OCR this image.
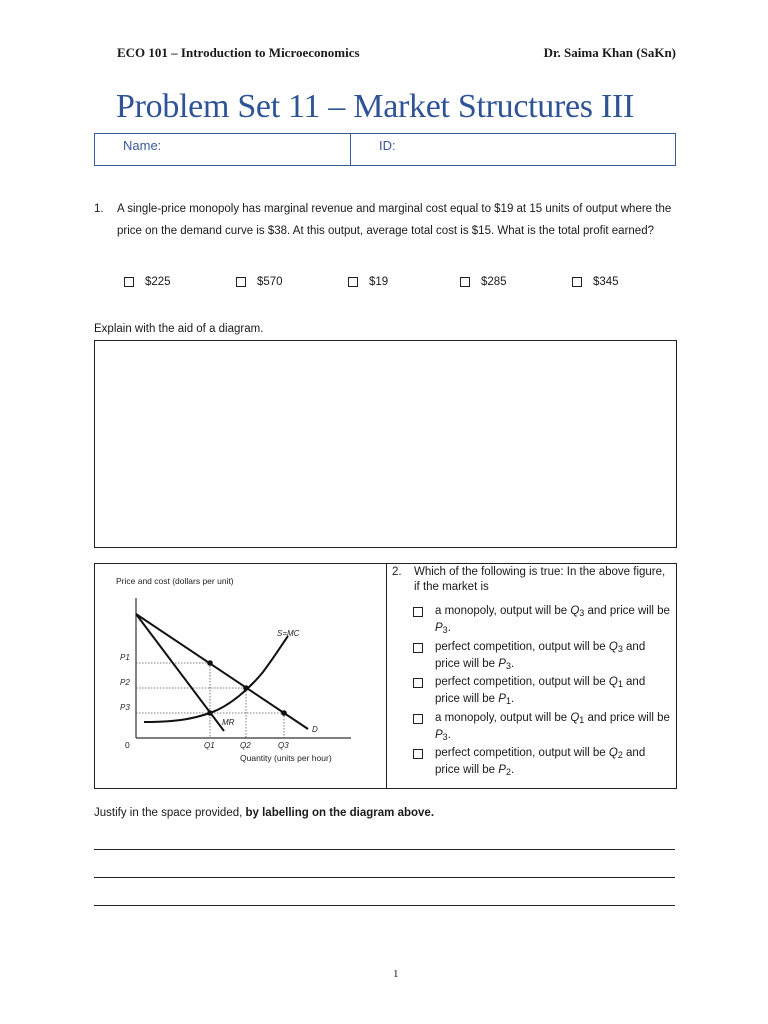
ECO 101 – Introduction to Microeconomics	Dr. Saima Khan (SaKn)
Problem Set 11 – Market Structures III
Name:	ID:
1. A single-price monopoly has marginal revenue and marginal cost equal to $19 at 15 units of output where the price on the demand curve is $38. At this output, average total cost is $15. What is the total profit earned?
$225	$570	$19	$285	$345
Explain with the aid of a diagram.
Price and cost (dollars per unit)
P1
P2
P3
0	Q1	Q2	Q3
S=MC
MR
D
Quantity (units per hour)
2. Which of the following is true: In the above figure, if the market is
a monopoly, output will be $Q_3$ and price will be $P_3$.
perfect competition, output will be $Q_3$ and price will be $P_3$.
perfect competition, output will be $Q_1$ and price will be $P_1$.
a monopoly, output will be $Q_1$ and price will be $P_3$.
perfect competition, output will be $Q_2$ and price will be $P_2$.
Justify in the space provided, by labelling on the diagram above.
1
